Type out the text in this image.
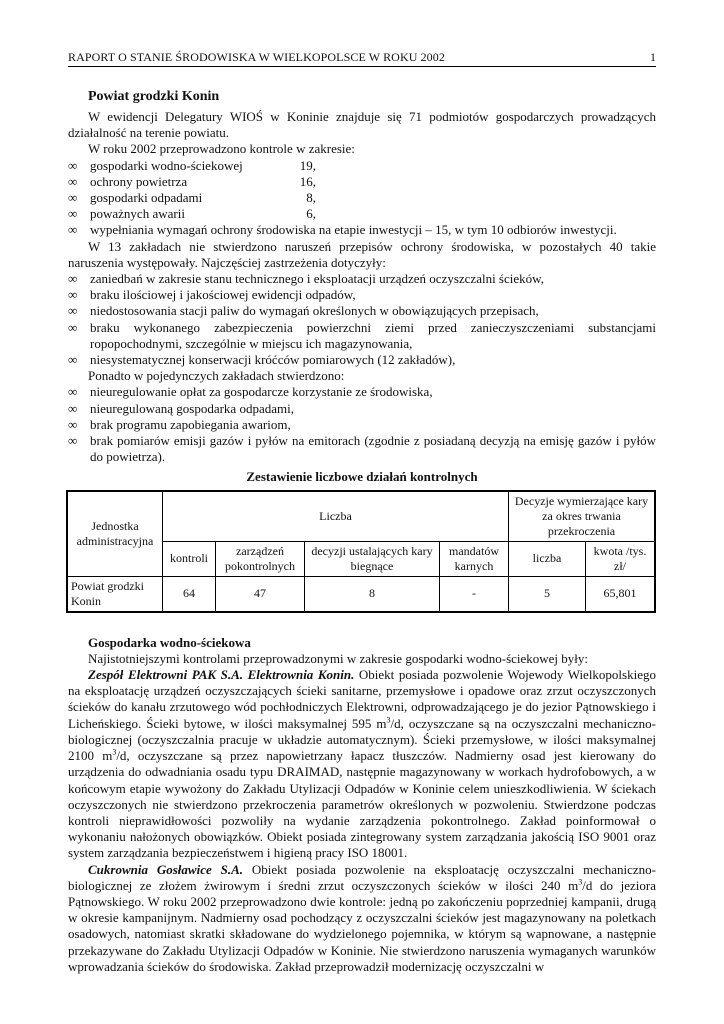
RAPORT O STANIE ŚRODOWISKA W WIELKOPOLSCE W ROKU 2002	1
Powiat grodzki Konin

W ewidencji Delegatury WIOŚ w Koninie znajduje się 71 podmiotów gospodarczych prowadzących działalność na terenie powiatu.

W roku 2002 przeprowadzono kontrole w zakresie:

∞ gospodarki wodno-ściekowej	19,
∞ ochrony powietrza	16,
∞ gospodarki odpadami	8,
∞ poważnych awarii	6,
∞ wypełniania wymagań ochrony środowiska na etapie inwestycji – 15, w tym 10 odbiorów inwestycji.

W 13 zakładach nie stwierdzono naruszeń przepisów ochrony środowiska, w pozostałych 40 takie naruszenia występowały. Najczęściej zastrzeżenia dotyczyły:

∞ zaniedbań w zakresie stanu technicznego i eksploatacji urządzeń oczyszczalni ścieków,
∞ braku ilościowej i jakościowej ewidencji odpadów,
∞ niedostosowania stacji paliw do wymagań określonych w obowiązujących przepisach,
∞ braku wykonanego zabezpieczenia powierzchni ziemi przed zanieczyszczeniami substancjami ropopochodnymi, szczególnie w miejscu ich magazynowania,
∞ niesystematycznej konserwacji króćców pomiarowych (12 zakładów),

Ponadto w pojedynczych zakładach stwierdzono:

∞ nieuregulowanie opłat za gospodarcze korzystanie ze środowiska,
∞ nieuregulowaną gospodarka odpadami,
∞ brak programu zapobiegania awariom,
∞ brak pomiarów emisji gazów i pyłów na emitorach (zgodnie z posiadaną decyzją na emisję gazów i pyłów do powietrza).
Zestawienie liczbowe działań kontrolnych
Jednostka administracyjna	Liczba				Decyzje wymierzające kary za okres trwania przekroczenia	
	kontroli	zarządzeń pokontrolnych	decyzji ustalających kary biegnące	mandatów karnych	liczba	kwota /tys. zł/
Powiat grodzki Konin	64	47	8	-	5	65,801
Gospodarka wodno-ściekowa

Najistotniejszymi kontrolami przeprowadzonymi w zakresie gospodarki wodno-ściekowej były:

Zespół Elektrowni PAK S.A. Elektrownia Konin. Obiekt posiada pozwolenie Wojewody Wielkopolskiego na eksploatację urządzeń oczyszczających ścieki sanitarne, przemysłowe i opadowe oraz zrzut oczyszczonych ścieków do kanału zrzutowego wód pochłodniczych Elektrowni, odprowadzającego je do jezior Pątnowskiego i Licheńskiego. Ścieki bytowe, w ilości maksymalnej 595 $m^3/d$, oczyszczane są na oczyszczalni mechaniczno-biologicznej (oczyszczalnia pracuje w układzie automatycznym). Ścieki przemysłowe, w ilości maksymalnej 2100 $m^3/d$, oczyszczane są przez napowietrzany łapacz tłuszczów. Nadmierny osad jest kierowany do urządzenia do odwadniania osadu typu DRAIMAD, następnie magazynowany w workach hydrofobowych, a w końcowym etapie wywożony do Zakładu Utylizacji Odpadów w Koninie celem unieszkodliwienia. W ściekach oczyszczonych nie stwierdzono przekroczenia parametrów określonych w pozwoleniu. Stwierdzone podczas kontroli nieprawidłowości pozwoliły na wydanie zarządzenia pokontrolnego. Zakład poinformował o wykonaniu nałożonych obowiązków. Obiekt posiada zintegrowany system zarządzania jakością ISO 9001 oraz system zarządzania bezpieczeństwem i higieną pracy ISO 18001.

Cukrownia Gosławice S.A. Obiekt posiada pozwolenie na eksploatację oczyszczalni mechaniczno-biologicznej ze złożem żwirowym i średni zrzut oczyszczonych ścieków w ilości 240 $m^3/d$ do jeziora Pątnowskiego. W roku 2002 przeprowadzono dwie kontrole: jedną po zakończeniu poprzedniej kampanii, drugą w okresie kampanijnym. Nadmierny osad pochodzący z oczyszczalni ścieków jest magazynowany na poletkach osadowych, natomiast skratki składowane do wydzielonego pojemnika, w którym są wapnowane, a następnie przekazywane do Zakładu Utylizacji Odpadów w Koninie. Nie stwierdzono naruszenia wymaganych warunków wprowadzania ścieków do środowiska. Zakład przeprowadził modernizację oczyszczalni w
